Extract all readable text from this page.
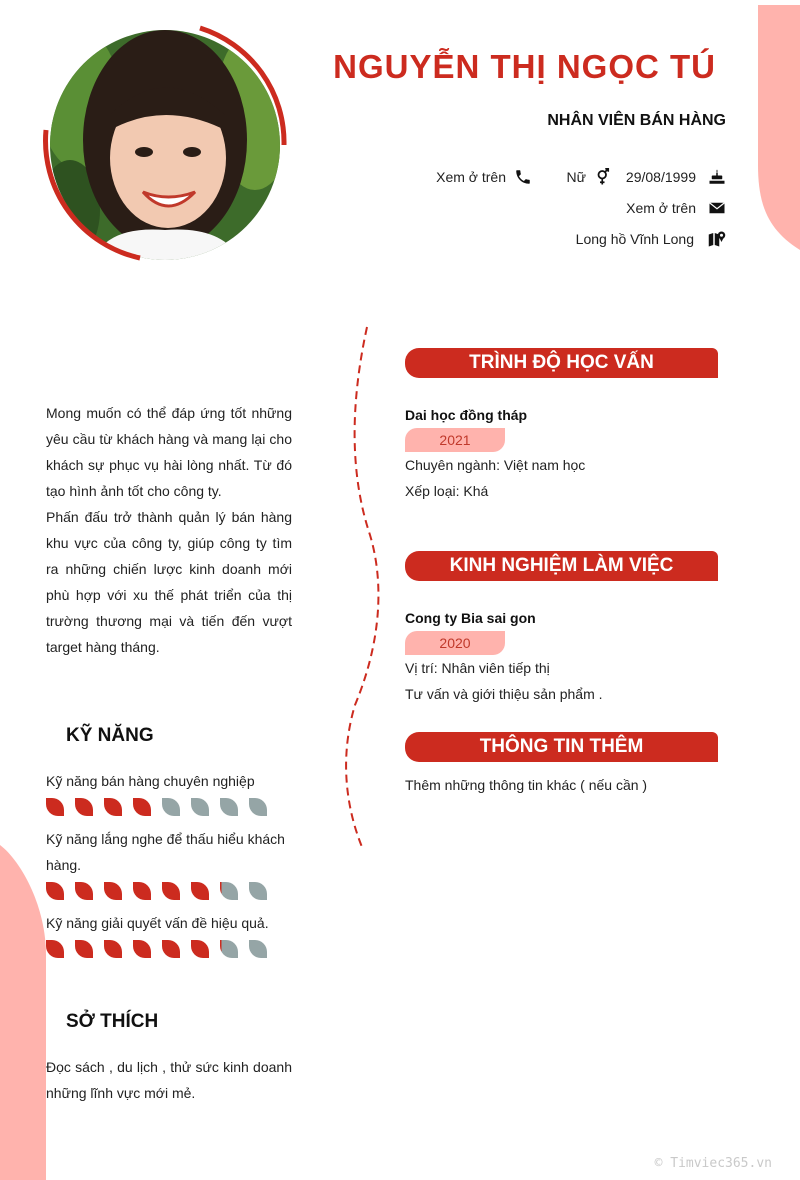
NGUYỄN THỊ NGỌC TÚ
NHÂN VIÊN BÁN HÀNG
Xem ở trên	Nữ	29/08/1999
Xem ở trên
Long hồ Vĩnh Long

Mong muốn có thể đáp ứng tốt những yêu cầu từ khách hàng và mang lại cho khách sự phục vụ hài lòng nhất. Từ đó tạo hình ảnh tốt cho công ty.

Phấn đấu trở thành quản lý bán hàng khu vực của công ty, giúp công ty tìm ra những chiến lược kinh doanh mới phù hợp với xu thế phát triển của thị trường thương mại và tiến đến vượt target hàng tháng.

KỸ NĂNG
Kỹ năng bán hàng chuyên nghiệp
Kỹ năng lắng nghe để thấu hiểu khách hàng.
Kỹ năng giải quyết vấn đề hiệu quả.
SỞ THÍCH
Đọc sách , du lịch , thử sức kinh doanh những lĩnh vực mới mẻ.
TRÌNH ĐỘ HỌC VẤN
Dai học đồng tháp
2021
Chuyên ngành: Việt nam học
Xếp loại: Khá
KINH NGHIỆM LÀM VIỆC
Cong ty Bia sai gon
2020
Vị trí: Nhân viên tiếp thị
Tư vấn và giới thiệu sản phẩm .
THÔNG TIN THÊM
Thêm những thông tin khác ( nếu cần )
© Timviec365.vn
